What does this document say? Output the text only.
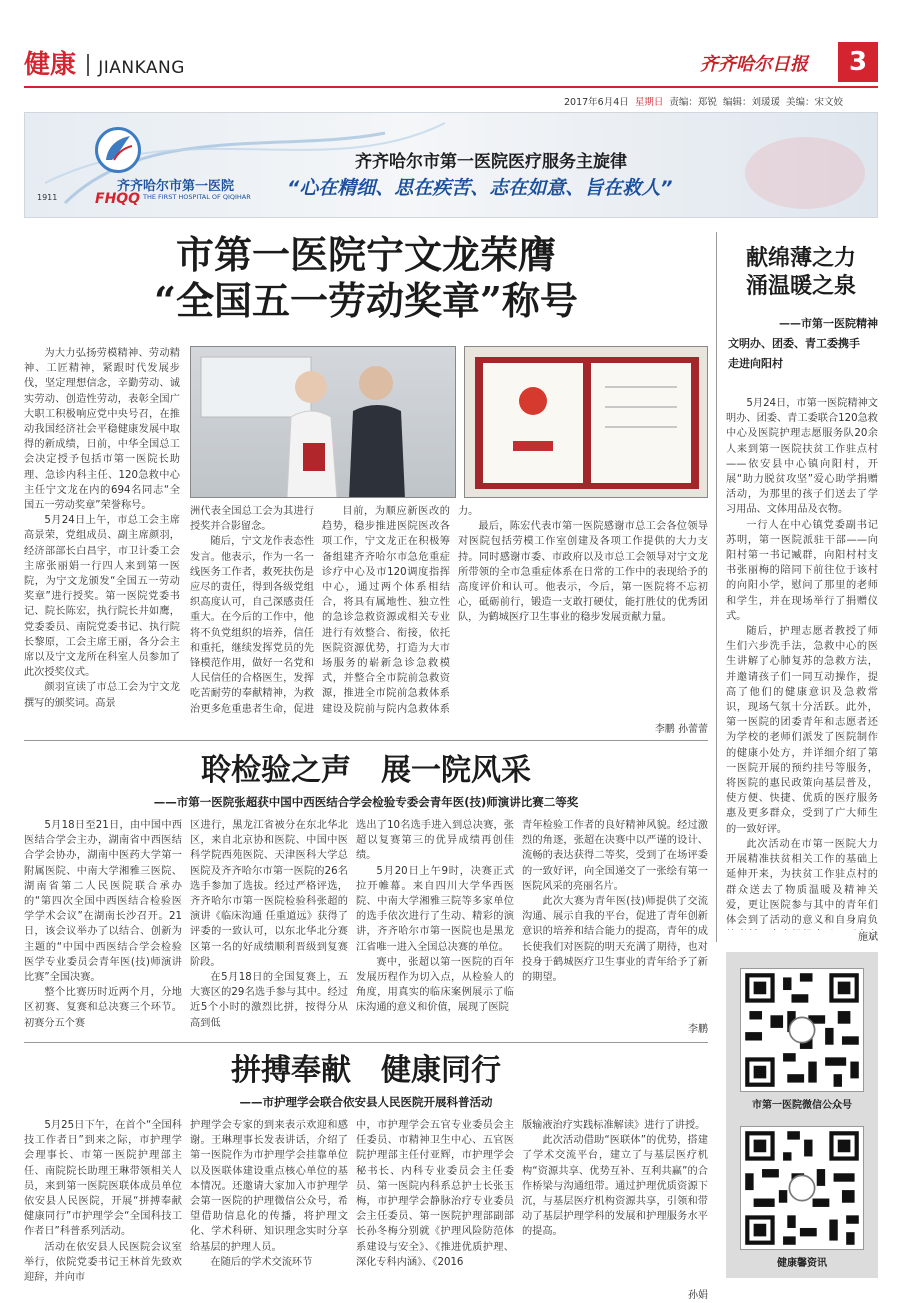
健康 JIANKANG	齐齐哈尔日报	3
2017年6月4日 星期日 责编：郑锐 编辑：刘瑗瑗 美编：宋文姣
齐齐哈尔市第一医院
FHQQ THE FIRST HOSPITAL OF QIQIHAR
1911
齐齐哈尔市第一医院医疗服务主旋律
“心在精细、思在疾苦、志在如意、旨在救人”
市第一医院宁文龙荣膺
“全国五一劳动奖章”称号

为大力弘扬劳模精神、劳动精神、工匠精神，紧跟时代发展步伐，坚定理想信念，辛勤劳动、诚实劳动、创造性劳动，表彰全国广大职工积极响应党中央号召，在推动我国经济社会平稳健康发展中取得的新成绩，日前，中华全国总工会决定授予包括市第一医院长助理、急诊内科主任、120急救中心主任宁文龙在内的694名同志“全国五一劳动奖章”荣誉称号。

5月24日上午，市总工会主席高景荣，党组成员、副主席颜羽，经济部部长白昌宇，市卫计委工会主席张丽娟一行四人来到第一医院，为宁文龙颁发“全国五一劳动奖章”进行授奖。第一医院党委书记、院长陈宏，执行院长井如鹰，党委委员、南院党委书记、执行院长黎原，工会主席王丽，各分会主席以及宁文龙所在科室人员参加了此次授奖仪式。

颜羽宣读了市总工会为宁文龙撰写的颁奖词。高景

洲代表全国总工会为其进行授奖并合影留念。

随后，宁文龙作表态性发言。他表示，作为一名一线医务工作者，救死扶伤是应尽的责任，得到各级党组织高度认可，自己深感责任重大。在今后的工作中，他将不负党组织的培养，信任和重托，继续发挥党员的先锋模范作用，做好一名党和人民信任的合格医生，发挥吃苦耐劳的奉献精神，为救治更多危重患者生命，促进

目前，为顺应新医改的趋势，稳步推进医院医改各项工作，宁文龙正在积极筹备组建齐齐哈尔市急危重症诊疗中心及市120调度指挥中心，通过两个体系相结合，将具有属地性、独立性的急诊急救资源或相关专业进行有效整合、衔接，依托医院资源优势，打造为大市场服务的崭新急诊急救模式，并整合全市院前急救资源，推进全市院前急救体系建设及院前与院内急救体系

力。

最后，陈宏代表市第一医院感谢市总工会各位领导对医院包括劳模工作室创建及各项工作提供的大力支持。同时感谢市委、市政府以及市总工会领导对宁文龙所带领的全市急重症体系在日常的工作中的表现给予的高度评价和认可。他表示，今后，第一医院将不忘初心，砥砺前行，锻造一支敢打硬仗，能打胜仗的优秀团队，为鹤城医疗卫生事业的稳步发展贡献力量。

李鹏 孙蕾蕾
献绵薄之力
涌温暖之泉
——市第一医院精神
文明办、团委、青工委携手
走进向阳村

5月24日，市第一医院精神文明办、团委、青工委联合120急救中心及医院护理志愿服务队20余人来到第一医院扶贫工作驻点村——依安县中心镇向阳村，开展“助力脱贫攻坚”爱心助学捐赠活动，为那里的孩子们送去了学习用品、文体用品及衣物。

一行人在中心镇党委副书记苏明，第一医院派驻干部——向阳村第一书记臧群，向阳村村支书张丽梅的陪同下前往位于该村的向阳小学，慰问了那里的老师和学生，并在现场举行了捐赠仪式。

随后，护理志愿者教授了师生们六步洗手法，急救中心的医生讲解了心肺复苏的急救方法，并邀请孩子们一同互动操作，提高了他们的健康意识及急救常识，现场气氛十分活跃。此外，第一医院的团委青年和志愿者还为学校的老师们派发了医院制作的健康小处方，并详细介绍了第一医院开展的预约挂号等服务，将医院的惠民政策向基层普及，使方便、快捷、优质的医疗服务惠及更多群众，受到了广大师生的一致好评。

此次活动在市第一医院大力开展精准扶贫相关工作的基础上延伸开来，为扶贫工作驻点村的群众送去了物质温暖及精神关爱，更让医院参与其中的青年们体会到了活动的意义和自身肩负

施斌
聆检验之声　展一院风采
——市第一医院张超获中国中西医结合学会检验专委会青年医(技)师演讲比赛二等奖

5月18日至21日，由中国中西医结合学会主办，湖南省中西医结合学会协办，湖南中医药大学第一附属医院、中南大学湘雅三医院、湖南省第二人民医院联合承办的“第四次全国中西医结合检验医学学术会议”在湖南长沙召开。21日，该会议举办了以结合、创新为主题的“中国中西医结合学会检验医学专业委员会青年医(技)师演讲比赛”全国决赛。

整个比赛历时近两个月，分地区初赛、复赛和总决赛三个环节。初赛分五个赛

区进行，黑龙江省被分在东北华北区，来自北京协和医院、中国中医科学院西苑医院、天津医科大学总医院及齐齐哈尔市第一医院的26名选手参加了选拔。经过严格评选，齐齐哈尔市第一医院检验科张超的演讲《临床沟通 任重道远》获得了评委的一致认可，以东北华北分赛区第一名的好成绩顺利晋级到复赛阶段。

在5月18日的全国复赛上，五大赛区的29名选手参与其中。经过近5个小时的激烈比拼，按得分从高到低

选出了10名选手进入到总决赛，张超以复赛第三的优异成绩再创佳绩。

5月20日上午9时，决赛正式拉开帷幕。来自四川大学华西医院、中南大学湘雅三院等多家单位的选手依次进行了生动、精彩的演讲，齐齐哈尔市第一医院也是黑龙江省唯一进入全国总决赛的单位。

赛中，张超以第一医院的百年发展历程作为切入点，从检验人的角度，用真实的临床案例展示了临床沟通的意义和价值，展现了医院

青年检验工作者的良好精神风貌。经过激烈的角逐，张超在决赛中以严谨的设计、流畅的表达获得二等奖，受到了在场评委的一致好评，向全国递交了一张绘有第一医院风采的亮丽名片。

此次大赛为青年医(技)师提供了交流沟通、展示自我的平台，促进了青年创新意识的培养和结合能力的提高，青年的成长使我们对医院的明天充满了期待，也对投身于鹤城医疗卫生事业的青年给予了新的期望。

李鹏
拼搏奉献　健康同行
——市护理学会联合依安县人民医院开展科普活动

5月25日下午，在首个“全国科技工作者日”到来之际，市护理学会理事长、市第一医院护理部主任、南院院长助理王琳带领相关人员，来到第一医院医联体成员单位依安县人民医院，开展“拼搏奉献 健康同行”市护理学会“全国科技工作者日”科普系列活动。

活动在依安县人民医院会议室举行，依院党委书记王林首先致欢迎辞，并向市

护理学会专家的到来表示欢迎和感谢。王琳理事长发表讲话，介绍了第一医院作为市护理学会挂靠单位以及医联体建设重点核心单位的基本情况。还邀请大家加入市护理学会第一医院的护理微信公众号，希望借助信息化的传播，将护理文化、学术科研、知识理念实时分享给基层的护理人员。

在随后的学术交流环节

中，市护理学会五官专业委员会主任委员、市精神卫生中心、五官医院护理部主任付亚辉，市护理学会秘书长、内科专业委员会主任委员、第一医院内科系总护士长张玉梅，市护理学会静脉治疗专业委员会主任委员、第一医院护理部副部长孙冬梅分别就《护理风险防范体系建设与安全》、《推进优质护理、深化专科内涵》、《2016

版输液治疗实践标准解读》进行了讲授。

此次活动借助“医联体”的优势，搭建了学术交流平台，建立了与基层医疗机构“资源共享、优势互补、互利共赢”的合作桥梁与沟通纽带。通过护理优质资源下沉，与基层医疗机构资源共享，引领和带动了基层护理学科的发展和护理服务水平的提高。

孙娟
市第一医院微信公众号
健康馨资讯
